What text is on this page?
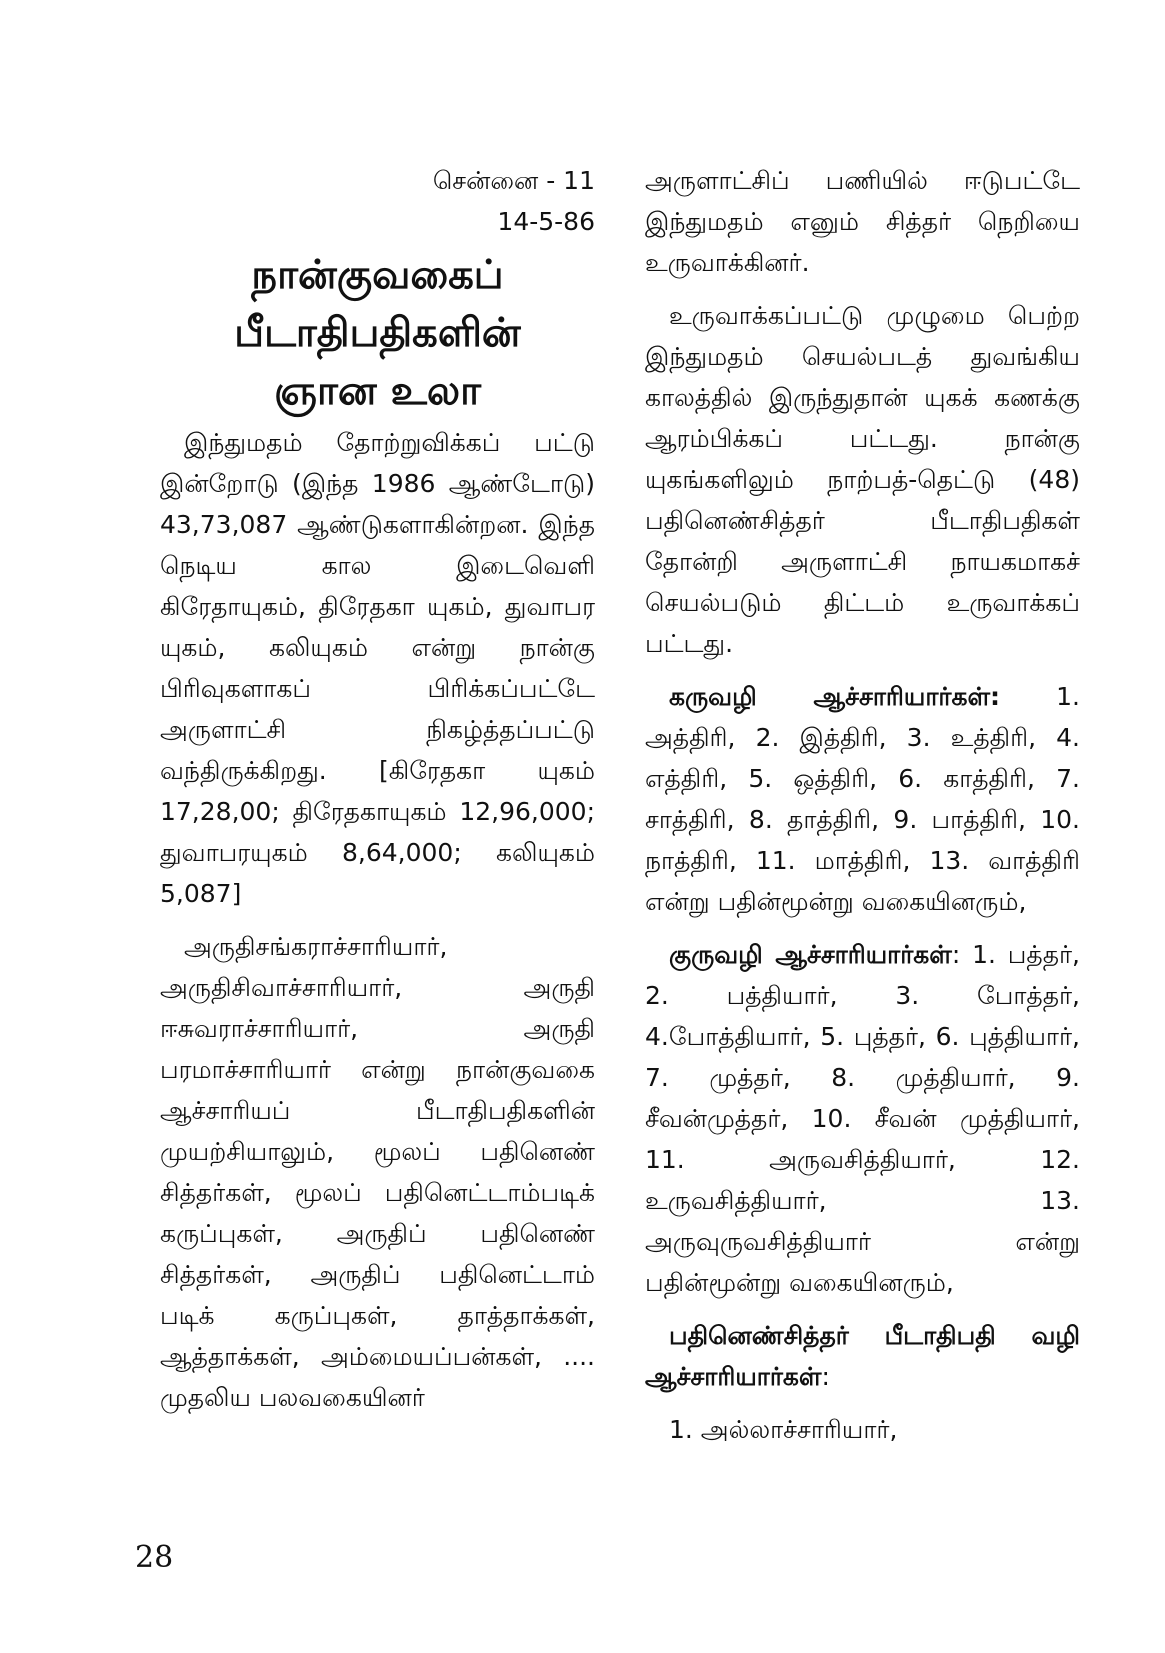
சென்னை - 11
14-5-86
நான்குவகைப்
பீடாதிபதிகளின்
ஞான உலா

இந்துமதம் தோற்றுவிக்கப் பட்டு இன்றோடு (இந்த 1986 ஆண்டோடு) 43,73,087 ஆண்டுகளாகின்றன. இந்த நெடிய கால இடைவெளி கிரேதாயுகம், திரேதகா யுகம், துவாபர யுகம், கலியுகம் என்று நான்கு பிரிவுகளாகப் பிரிக்கப்பட்டே அருளாட்சி நிகழ்த்தப்பட்டு வந்திருக்கிறது. [கிரேதகா யுகம் 17,28,00; திரேதகாயுகம் 12,96,000; துவாபரயுகம் 8,64,000; கலியுகம் 5,087]

அருதிசங்கராச்சாரியார், அருதிசிவாச்சாரியார், அருதி ஈசுவராச்சாரியார், அருதி பரமாச்சாரியார் என்று நான்குவகை ஆச்சாரியப் பீடாதிபதிகளின் முயற்சியாலும், மூலப் பதினெண் சித்தர்கள், மூலப் பதினெட்டாம்படிக் கருப்புகள், அருதிப் பதினெண் சித்தர்கள், அருதிப் பதினெட்டாம் படிக் கருப்புகள், தாத்தாக்கள், ஆத்தாக்கள், அம்மையப்பன்கள், .... முதலிய பலவகையினர்

அருளாட்சிப் பணியில் ஈடுபட்டே இந்துமதம் எனும் சித்தர் நெறியை உருவாக்கினர்.

உருவாக்கப்பட்டு முழுமை பெற்ற இந்துமதம் செயல்படத் துவங்கிய காலத்தில் இருந்துதான் யுகக் கணக்கு ஆரம்பிக்கப் பட்டது. நான்கு யுகங்களிலும் நாற்பத்-தெட்டு (48) பதினெண்சித்தர் பீடாதிபதிகள் தோன்றி அருளாட்சி நாயகமாகச் செயல்படும் திட்டம் உருவாக்கப் பட்டது.

கருவழி ஆச்சாரியார்கள்: 1. அத்திரி, 2. இத்திரி, 3. உத்திரி, 4. எத்திரி, 5. ஒத்திரி, 6. காத்திரி, 7. சாத்திரி, 8. தாத்திரி, 9. பாத்திரி, 10. நாத்திரி, 11. மாத்திரி, 13. வாத்திரி என்று பதின்மூன்று வகையினரும்,

குருவழி ஆச்சாரியார்கள்: 1. பத்தர், 2. பத்தியார், 3. போத்தர், 4.போத்தியார், 5. புத்தர், 6. புத்தியார், 7. முத்தர், 8. முத்தியார், 9. சீவன்முத்தர், 10. சீவன் முத்தியார், 11. அருவசித்தியார், 12. உருவசித்தியார், 13. அருவுருவசித்தியார் என்று பதின்மூன்று வகையினரும்,

பதினெண்சித்தர் பீடாதிபதி வழி ஆச்சாரியார்கள்:

1. அல்லாச்சாரியார்,

28
